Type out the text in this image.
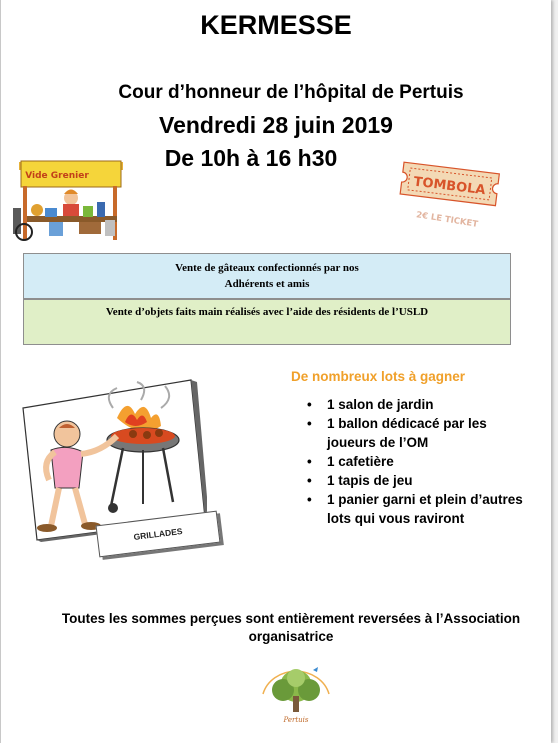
KERMESSE
Vide Grenier
Cour d’honneur de l’hôpital de Pertuis
Vendredi 28 juin 2019
De 10h à 16 h30
TOMBOLA
2€ LE TICKET
Vente de gâteaux confectionnés par nos
Adhérents et amis
Vente d’objets faits main réalisés avec l’aide des résidents de l’USLD
De nombreux lots à gagner
• 1 salon de jardin
• 1 ballon dédicacé par les
joueurs de l’OM
• 1 cafetière
• 1 tapis de jeu
• 1 panier garni et plein d’autres
lots qui vous raviront
GRILLADES
Toutes les sommes perçues sont entièrement reversées à l’Association
organisatrice
Pertuis
